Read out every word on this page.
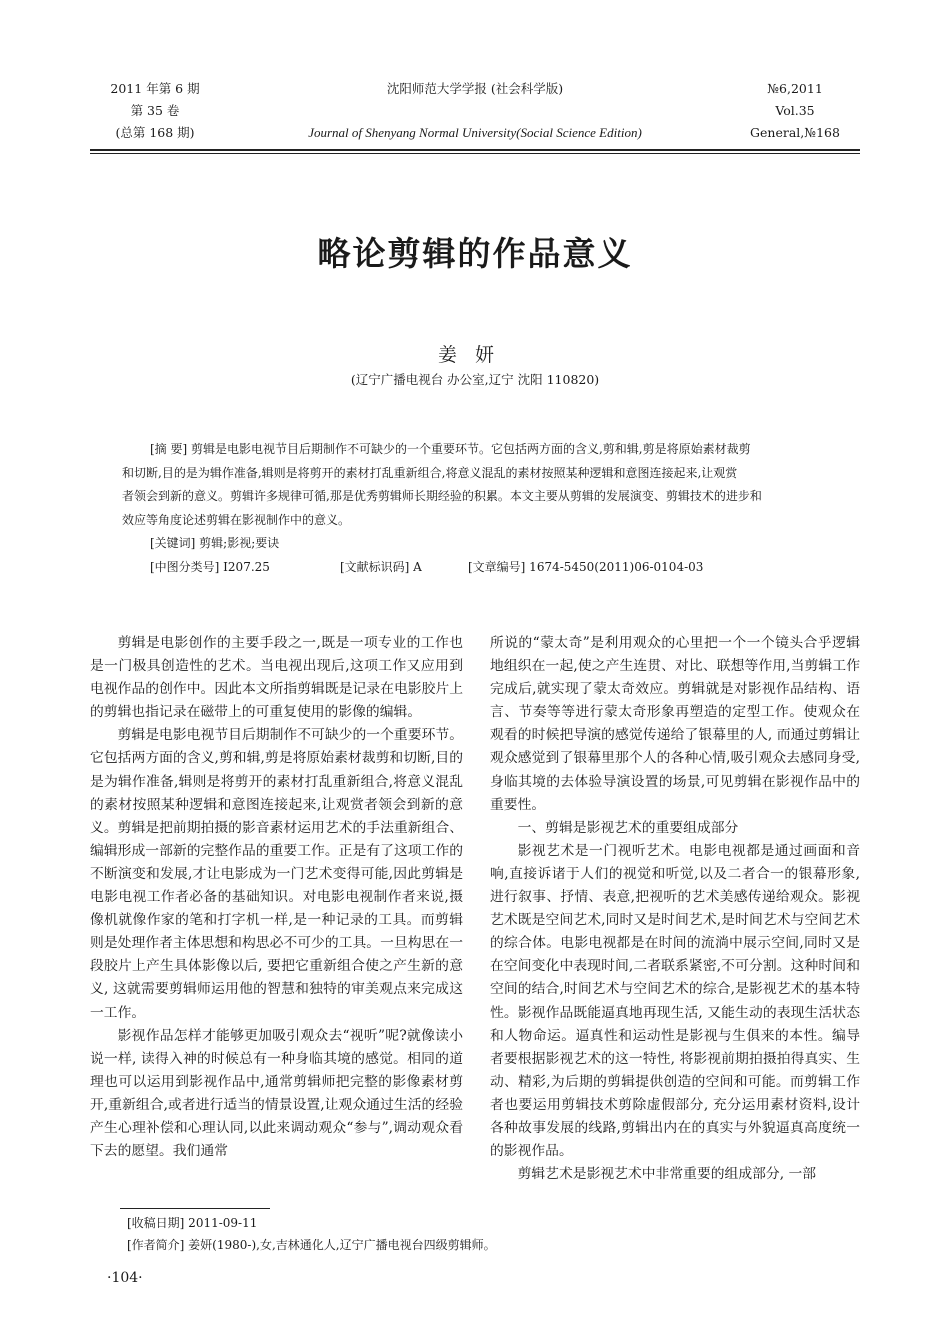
2011 年第 6 期
第 35 卷
(总第 168 期)
沈阳师范大学学报 (社会科学版)
Journal of Shenyang Normal University(Social Science Edition)
№6,2011
Vol.35
General,№168
略论剪辑的作品意义
姜妍
(辽宁广播电视台 办公室,辽宁 沈阳 110820)
[摘 要] 剪辑是电影电视节目后期制作不可缺少的一个重要环节。它包括两方面的含义,剪和辑,剪是将原始素材裁剪
和切断,目的是为辑作准备,辑则是将剪开的素材打乱重新组合,将意义混乱的素材按照某种逻辑和意图连接起来,让观赏
者领会到新的意义。剪辑许多规律可循,那是优秀剪辑师长期经验的积累。本文主要从剪辑的发展演变、剪辑技术的进步和
效应等角度论述剪辑在影视制作中的意义。
[关键词] 剪辑;影视;要诀
[中图分类号] I207.25	[文献标识码] A	[文章编号] 1674-5450(2011)06-0104-03

剪辑是电影创作的主要手段之一,既是一项专业的工作也是一门极具创造性的艺术。当电视出现后,这项工作又应用到电视作品的创作中。因此本文所指剪辑既是记录在电影胶片上的剪辑也指记录在磁带上的可重复使用的影像的编辑。

剪辑是电影电视节目后期制作不可缺少的一个重要环节。它包括两方面的含义,剪和辑,剪是将原始素材裁剪和切断,目的是为辑作准备,辑则是将剪开的素材打乱重新组合,将意义混乱的素材按照某种逻辑和意图连接起来,让观赏者领会到新的意义。剪辑是把前期拍摄的影音素材运用艺术的手法重新组合、编辑形成一部新的完整作品的重要工作。正是有了这项工作的不断演变和发展,才让电影成为一门艺术变得可能,因此剪辑是电影电视工作者必备的基础知识。对电影电视制作者来说,摄像机就像作家的笔和打字机一样,是一种记录的工具。而剪辑则是处理作者主体思想和构思必不可少的工具。一旦构思在一段胶片上产生具体影像以后, 要把它重新组合使之产生新的意义, 这就需要剪辑师运用他的智慧和独特的审美观点来完成这一工作。

影视作品怎样才能够更加吸引观众去“视听”呢?就像读小说一样, 读得入神的时候总有一种身临其境的感觉。相同的道理也可以运用到影视作品中,通常剪辑师把完整的影像素材剪开,重新组合,或者进行适当的情景设置,让观众通过生活的经验产生心理补偿和心理认同,以此来调动观众“参与”,调动观众看下去的愿望。我们通常

所说的“蒙太奇”是利用观众的心里把一个一个镜头合乎逻辑地组织在一起,使之产生连贯、对比、联想等作用,当剪辑工作完成后,就实现了蒙太奇效应。剪辑就是对影视作品结构、语言、节奏等等进行蒙太奇形象再塑造的定型工作。使观众在观看的时候把导演的感觉传递给了银幕里的人, 而通过剪辑让观众感觉到了银幕里那个人的各种心情,吸引观众去感同身受,身临其境的去体验导演设置的场景,可见剪辑在影视作品中的重要性。

一、剪辑是影视艺术的重要组成部分

影视艺术是一门视听艺术。电影电视都是通过画面和音响,直接诉诸于人们的视觉和听觉,以及二者合一的银幕形象,进行叙事、抒情、表意,把视听的艺术美感传递给观众。影视艺术既是空间艺术,同时又是时间艺术,是时间艺术与空间艺术的综合体。电影电视都是在时间的流淌中展示空间,同时又是在空间变化中表现时间,二者联系紧密,不可分割。这种时间和空间的结合,时间艺术与空间艺术的综合,是影视艺术的基本特性。影视作品既能逼真地再现生活, 又能生动的表现生活状态和人物命运。逼真性和运动性是影视与生俱来的本性。编导者要根据影视艺术的这一特性, 将影视前期拍摄拍得真实、生动、精彩,为后期的剪辑提供创造的空间和可能。而剪辑工作者也要运用剪辑技术剪除虚假部分, 充分运用素材资料,设计各种故事发展的线路,剪辑出内在的真实与外貌逼真高度统一的影视作品。

剪辑艺术是影视艺术中非常重要的组成部分, 一部

[收稿日期] 2011-09-11
[作者简介] 姜妍(1980-),女,吉林通化人,辽宁广播电视台四级剪辑师。
·104·
